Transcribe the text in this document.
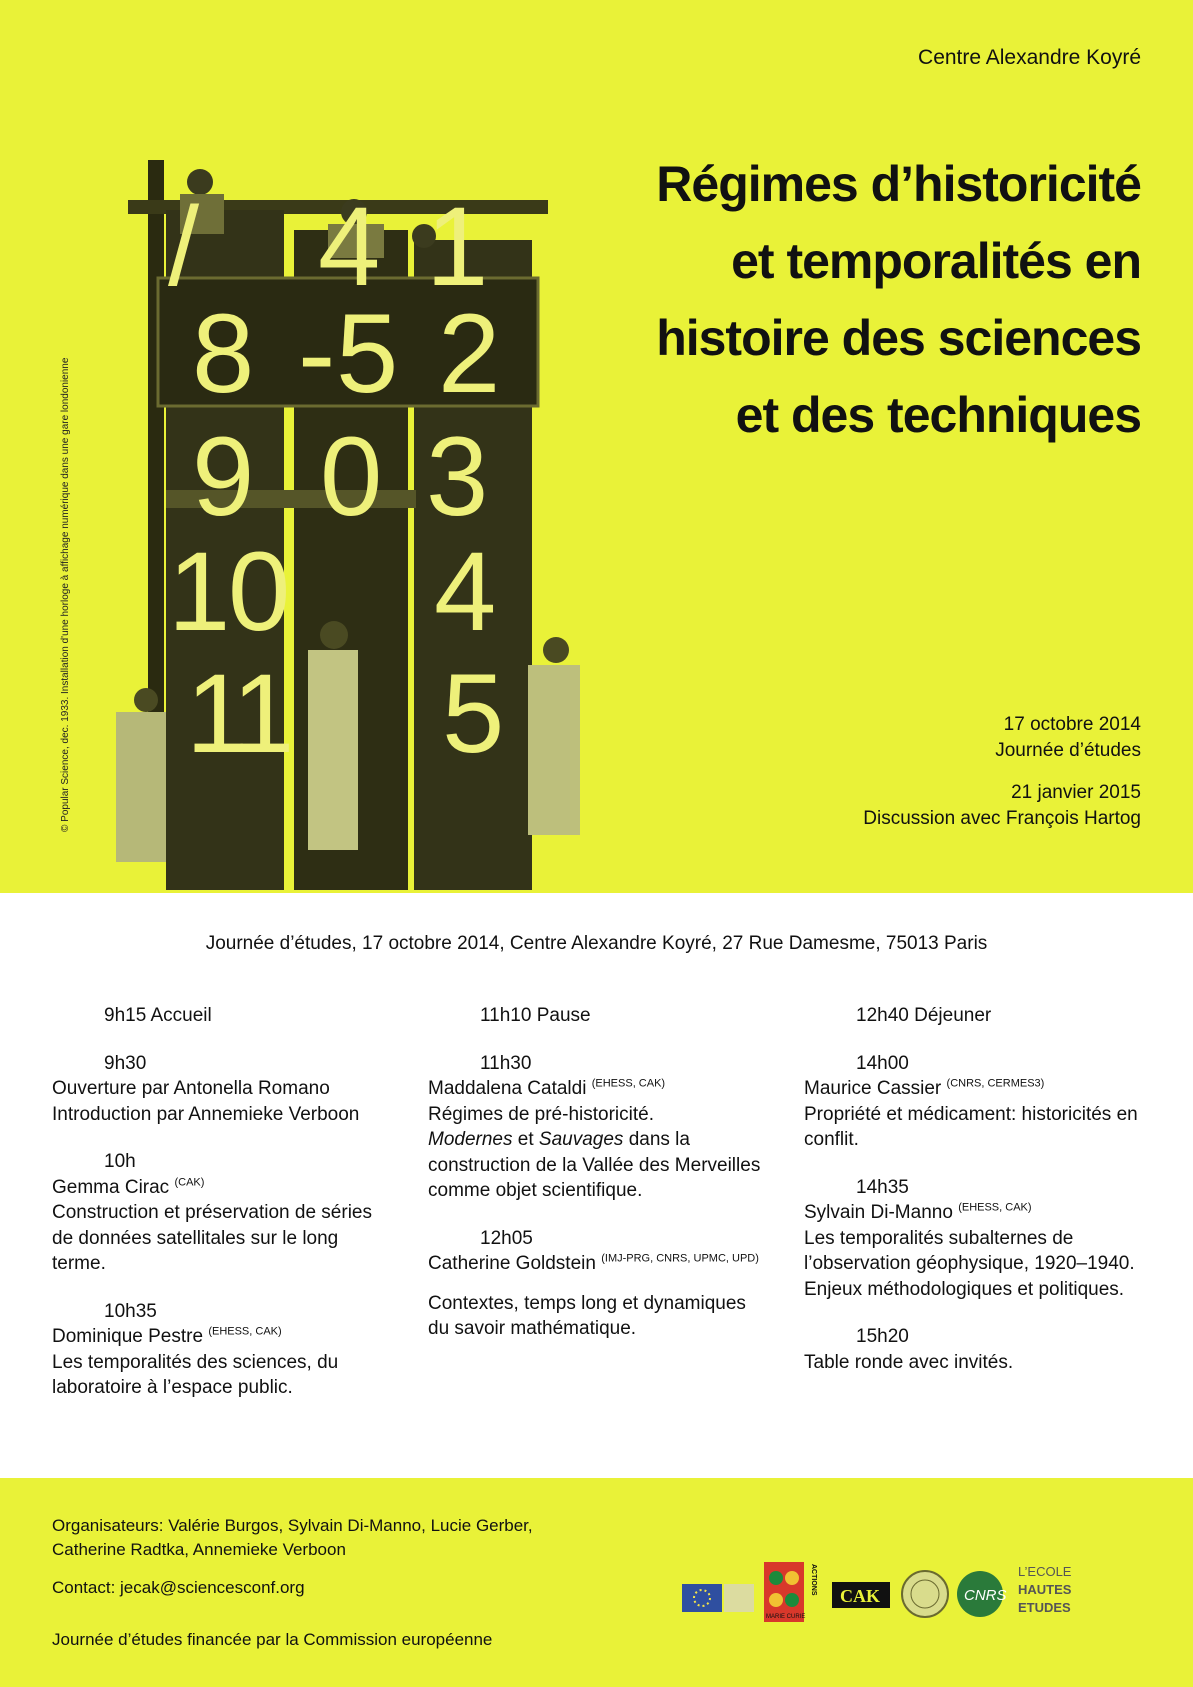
Centre Alexandre Koyré
Régimes d’historicité
et temporalités en
histoire des sciences
et des techniques
© Popular Science, dec. 1933. Installation d'une horloge à affichage numérique dans une gare londonienne
/ 4 1
8 - 5 2
9 0 3
1
0 4
1
1 5	17 octobre 2014
Journée d’études
21 janvier 2015
Discussion avec François Hartog
Journée d’études, 17 octobre 2014, Centre Alexandre Koyré, 27 Rue Damesme, 75013 Paris
9h15 Accueil
9h30
Ouverture par Antonella Romano Introduction par Annemieke Verboon
10h
Gemma Cirac $^{(CAK)}$
Construction et préservation de séries de données satellitales sur le long terme.
10h35
Dominique Pestre $^{(EHESS, CAK)}$
Les temporalités des sciences, du laboratoire à l’espace public.
11h10 Pause
11h30
Maddalena Cataldi $^{(EHESS, CAK)}$
Régimes de pré-historicité.
Modernes et Sauvages dans la construction de la Vallée des Merveilles comme objet scientifique.
12h05
Catherine Goldstein $^{(IMJ-PRG, CNRS, UPMC, UPD)}$
Contextes, temps long et dynamiques du savoir mathématique.
12h40 Déjeuner
14h00
Maurice Cassier $^{(CNRS, CERMES3)}$
Propriété et médicament: historicités en conflit.
14h35
Sylvain Di-Manno $^{(EHESS, CAK)}$
Les temporalités subalternes de l’observation géophysique, 1920–1940. Enjeux méthodologiques et politiques.
15h20
Table ronde avec invités.
Organisateurs: Valérie Burgos, Sylvain Di-Manno, Lucie Gerber, Catherine Radtka, Annemieke Verboon
Contact: jecak@sciencesconf.org
Journée d’études financée par la Commission européenne
MARIE CURIE
ACTIONS
CAK	CNRS
L’ECOLE
HAUTES
ETUDES
